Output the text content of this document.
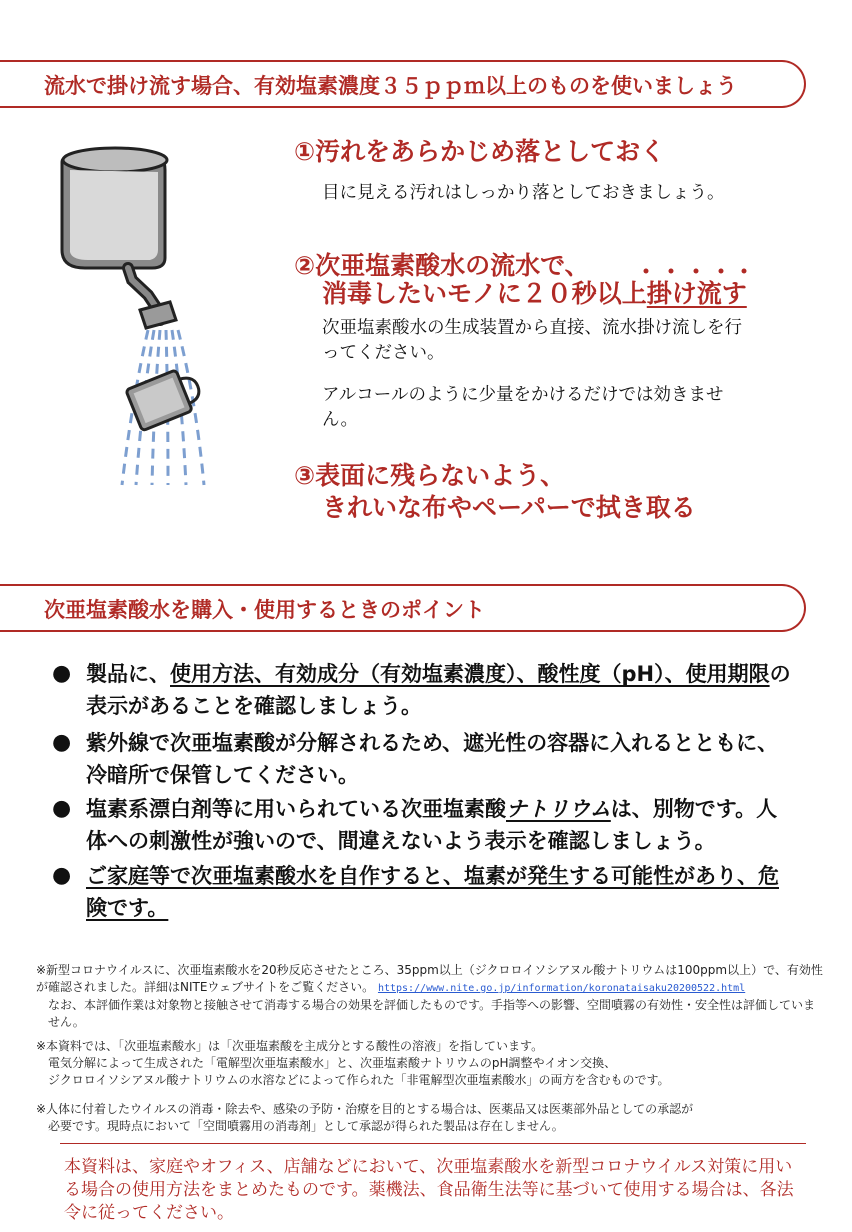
流水で掛け流す場合、有効塩素濃度３５ｐｐｍ以上のものを使いましょう
①汚れをあらかじめ落としておく
目に見える汚れはしっかり落としておきましょう。
②次亜塩素酸水の流水で、
消毒したいモノに２０秒以上掛け流す
次亜塩素酸水の生成装置から直接、流水掛け流しを行ってください。
アルコールのように少量をかけるだけでは効きません。
③表面に残らないよう、
きれいな布やペーパーで拭き取る
次亜塩素酸水を購入・使用するときのポイント
● 製品に、使用方法、有効成分（有効塩素濃度）、酸性度（pH）、使用期限の表示があることを確認しましょう。
● 紫外線で次亜塩素酸が分解されるため、遮光性の容器に入れるとともに、冷暗所で保管してください。
● 塩素系漂白剤等に用いられている次亜塩素酸ナトリウムは、別物です。人体への刺激性が強いので、間違えないよう表示を確認しましょう。
● ご家庭等で次亜塩素酸水を自作すると、塩素が発生する可能性があり、危険です。
※新型コロナウイルスに、次亜塩素酸水を20秒反応させたところ、35ppm以上（ジクロロイソシアヌル酸ナトリウムは100ppm以上）で、有効性が確認されました。詳細はNITEウェブサイトをご覧ください。 https://www.nite.go.jp/information/koronataisaku20200522.html
なお、本評価作業は対象物と接触させて消毒する場合の効果を評価したものです。手指等への影響、空間噴霧の有効性・安全性は評価していません。
※本資料では、「次亜塩素酸水」は「次亜塩素酸を主成分とする酸性の溶液」を指しています。
電気分解によって生成された「電解型次亜塩素酸水」と、次亜塩素酸ナトリウムのpH調整やイオン交換、
ジクロロイソシアヌル酸ナトリウムの水溶などによって作られた「非電解型次亜塩素酸水」の両方を含むものです。
※人体に付着したウイルスの消毒・除去や、感染の予防・治療を目的とする場合は、医薬品又は医薬部外品としての承認が
必要です。現時点において「空間噴霧用の消毒剤」として承認が得られた製品は存在しません。
本資料は、家庭やオフィス、店舗などにおいて、次亜塩素酸水を新型コロナウイルス対策に用いる場合の使用方法をまとめたものです。薬機法、食品衛生法等に基づいて使用する場合は、各法令に従ってください。
